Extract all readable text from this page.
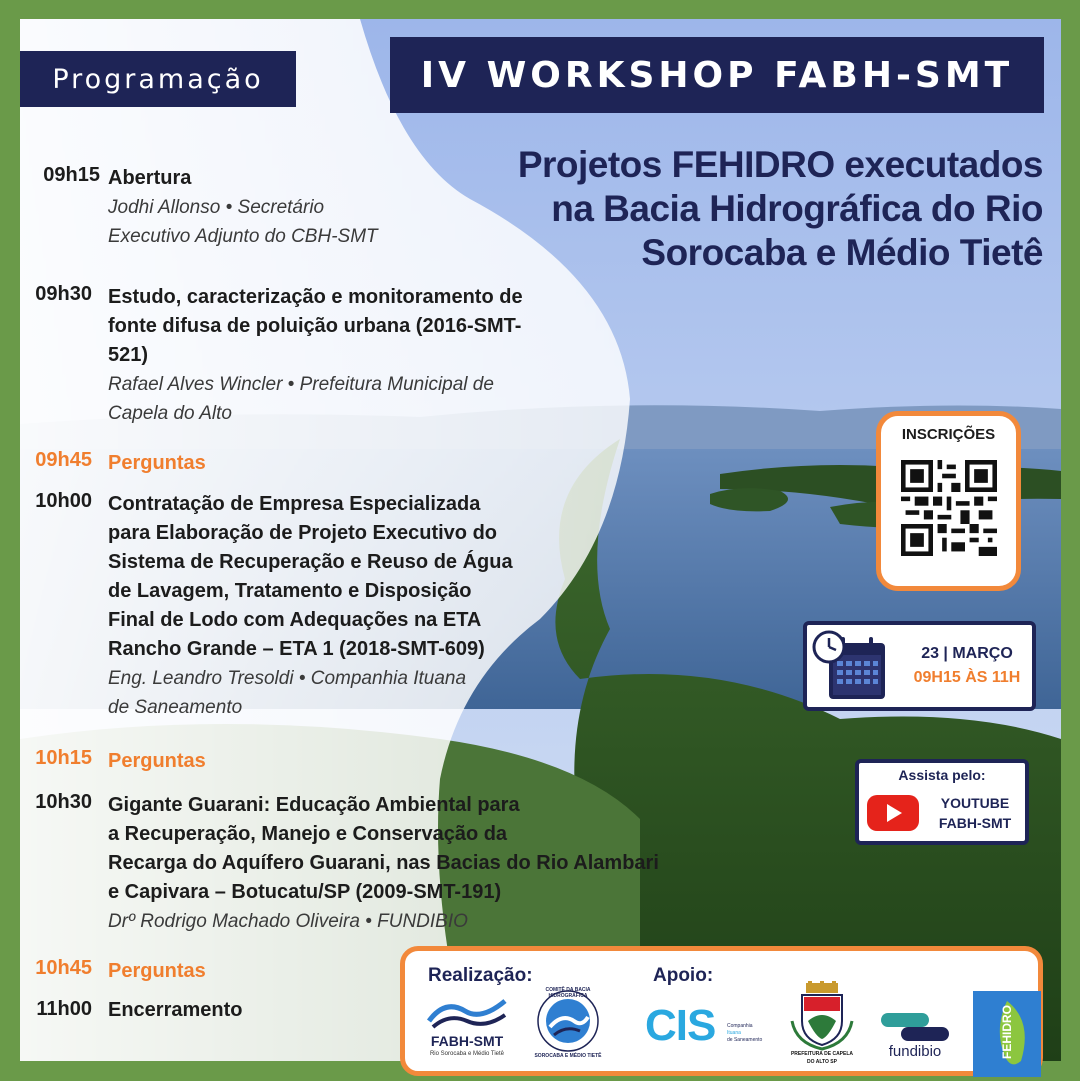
Programação	IV WORKSHOP FABH-SMT
Projetos FEHIDRO executados
na Bacia Hidrográfica do Rio
Sorocaba e Médio Tietê
09h15 Abertura
Jodhi Allonso • Secretário
Executivo Adjunto do CBH-SMT
09h30 Estudo, caracterização e monitoramento de
fonte difusa de poluição urbana (2016-SMT-
521)
Rafael Alves Wincler • Prefeitura Municipal de
Capela do Alto
09h45 Perguntas
10h00 Contratação de Empresa Especializada
para Elaboração de Projeto Executivo do
Sistema de Recuperação e Reuso de Água
de Lavagem, Tratamento e Disposição
Final de Lodo com Adequações na ETA
Rancho Grande – ETA 1 (2018-SMT-609)
Eng. Leandro Tresoldi • Companhia Ituana
de Saneamento
10h15 Perguntas
10h30 Gigante Guarani: Educação Ambiental para
a Recuperação, Manejo e Conservação da
Recarga do Aquífero Guarani, nas Bacias do Rio Alambari
e Capivara – Botucatu/SP (2009-SMT-191)
Drº Rodrigo Machado Oliveira • FUNDIBIO
10h45 Perguntas
11h00 Encerramento
INSCRIÇÕES
23 | MARÇO
09H15 ÀS 11H
Assista pelo:
YOUTUBE
FABH-SMT
Realização:	Apoio:
FABH-SMT
Rio Sorocaba e Médio Tietê
COMITÊ DA BACIA HIDROGRÁFICA
SOROCABA E MÉDIO TIETÊ
CIS	Companhia
Ituana
de Saneamento
PREFEITURA DE CAPELA
DO ALTO SP
fundibio	FEHIDRO
